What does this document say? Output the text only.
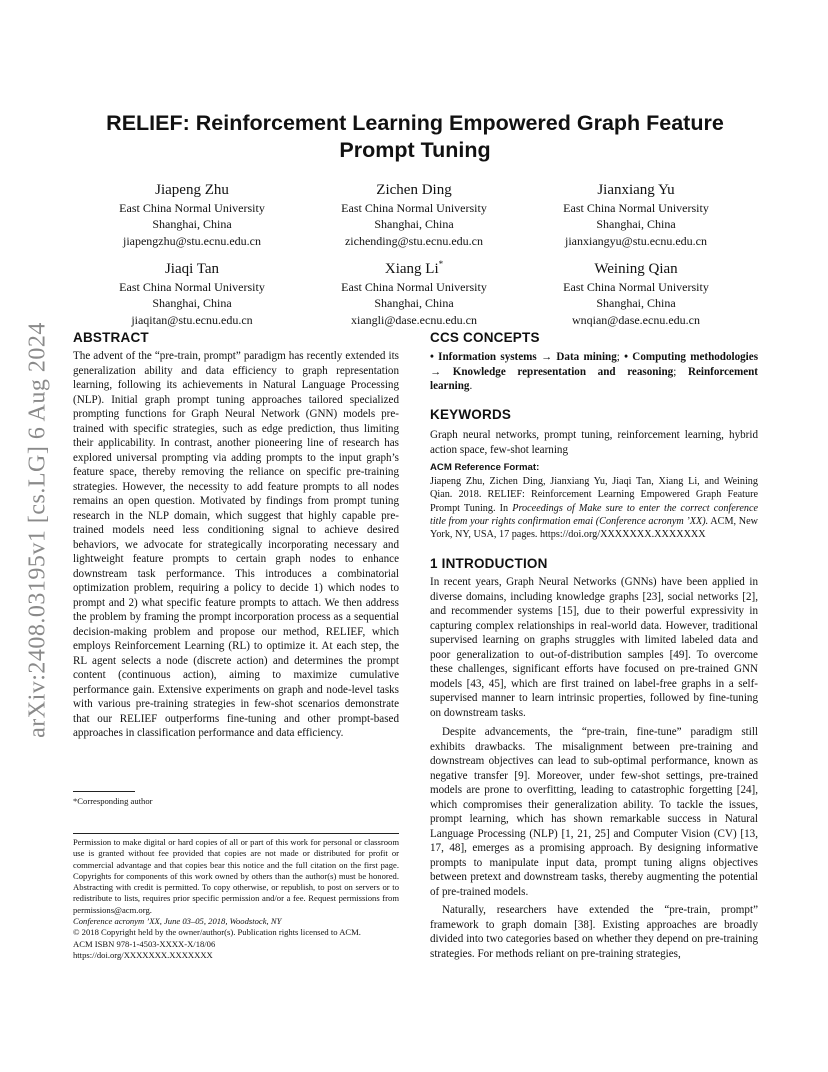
arXiv:2408.03195v1 [cs.LG] 6 Aug 2024
RELIEF: Reinforcement Learning Empowered Graph Feature Prompt Tuning
Jiapeng Zhu
East China Normal University
Shanghai, China
jiapengzhu@stu.ecnu.edu.cn
Zichen Ding
East China Normal University
Shanghai, China
zichending@stu.ecnu.edu.cn
Jianxiang Yu
East China Normal University
Shanghai, China
jianxiangyu@stu.ecnu.edu.cn
Jiaqi Tan
East China Normal University
Shanghai, China
jiaqitan@stu.ecnu.edu.cn
Xiang Li*
East China Normal University
Shanghai, China
xiangli@dase.ecnu.edu.cn
Weining Qian
East China Normal University
Shanghai, China
wnqian@dase.ecnu.edu.cn
ABSTRACT

The advent of the “pre-train, prompt” paradigm has recently extended its generalization ability and data efficiency to graph representation learning, following its achievements in Natural Language Processing (NLP). Initial graph prompt tuning approaches tailored specialized prompting functions for Graph Neural Network (GNN) models pre-trained with specific strategies, such as edge prediction, thus limiting their applicability. In contrast, another pioneering line of research has explored universal prompting via adding prompts to the input graph’s feature space, thereby removing the reliance on specific pre-training strategies. However, the necessity to add feature prompts to all nodes remains an open question. Motivated by findings from prompt tuning research in the NLP domain, which suggest that highly capable pre-trained models need less conditioning signal to achieve desired behaviors, we advocate for strategically incorporating necessary and lightweight feature prompts to certain graph nodes to enhance downstream task performance. This introduces a combinatorial optimization problem, requiring a policy to decide 1) which nodes to prompt and 2) what specific feature prompts to attach. We then address the problem by framing the prompt incorporation process as a sequential decision-making problem and propose our method, RELIEF, which employs Reinforcement Learning (RL) to optimize it. At each step, the RL agent selects a node (discrete action) and determines the prompt content (continuous action), aiming to maximize cumulative performance gain. Extensive experiments on graph and node-level tasks with various pre-training strategies in few-shot scenarios demonstrate that our RELIEF outperforms fine-tuning and other prompt-based approaches in classification performance and data efficiency.

*Corresponding author
Permission to make digital or hard copies of all or part of this work for personal or classroom use is granted without fee provided that copies are not made or distributed for profit or commercial advantage and that copies bear this notice and the full citation on the first page. Copyrights for components of this work owned by others than the author(s) must be honored. Abstracting with credit is permitted. To copy otherwise, or republish, to post on servers or to redistribute to lists, requires prior specific permission and/or a fee. Request permissions from permissions@acm.org.
Conference acronym ’XX, June 03–05, 2018, Woodstock, NY
© 2018 Copyright held by the owner/author(s). Publication rights licensed to ACM.
ACM ISBN 978-1-4503-XXXX-X/18/06
https://doi.org/XXXXXXX.XXXXXXX
CCS CONCEPTS

• Information systems → Data mining; • Computing methodologies → Knowledge representation and reasoning; Reinforcement learning.

KEYWORDS

Graph neural networks, prompt tuning, reinforcement learning, hybrid action space, few-shot learning

ACM Reference Format:

Jiapeng Zhu, Zichen Ding, Jianxiang Yu, Jiaqi Tan, Xiang Li, and Weining Qian. 2018. RELIEF: Reinforcement Learning Empowered Graph Feature Prompt Tuning. In Proceedings of Make sure to enter the correct conference title from your rights confirmation emai (Conference acronym ’XX). ACM, New York, NY, USA, 17 pages. https://doi.org/XXXXXXX.XXXXXXX

1 INTRODUCTION

In recent years, Graph Neural Networks (GNNs) have been applied in diverse domains, including knowledge graphs [23], social networks [2], and recommender systems [15], due to their powerful expressivity in capturing complex relationships in real-world data. However, traditional supervised learning on graphs struggles with limited labeled data and poor generalization to out-of-distribution samples [49]. To overcome these challenges, significant efforts have focused on pre-trained GNN models [43, 45], which are first trained on label-free graphs in a self-supervised manner to learn intrinsic properties, followed by fine-tuning on downstream tasks.

Despite advancements, the “pre-train, fine-tune” paradigm still exhibits drawbacks. The misalignment between pre-training and downstream objectives can lead to sub-optimal performance, known as negative transfer [9]. Moreover, under few-shot settings, pre-trained models are prone to overfitting, leading to catastrophic forgetting [24], which compromises their generalization ability. To tackle the issues, prompt learning, which has shown remarkable success in Natural Language Processing (NLP) [1, 21, 25] and Computer Vision (CV) [13, 17, 48], emerges as a promising approach. By designing informative prompts to manipulate input data, prompt tuning aligns objectives between pretext and downstream tasks, thereby augmenting the potential of pre-trained models.

Naturally, researchers have extended the “pre-train, prompt” framework to graph domain [38]. Existing approaches are broadly divided into two categories based on whether they depend on pre-training strategies. For methods reliant on pre-training strategies,
